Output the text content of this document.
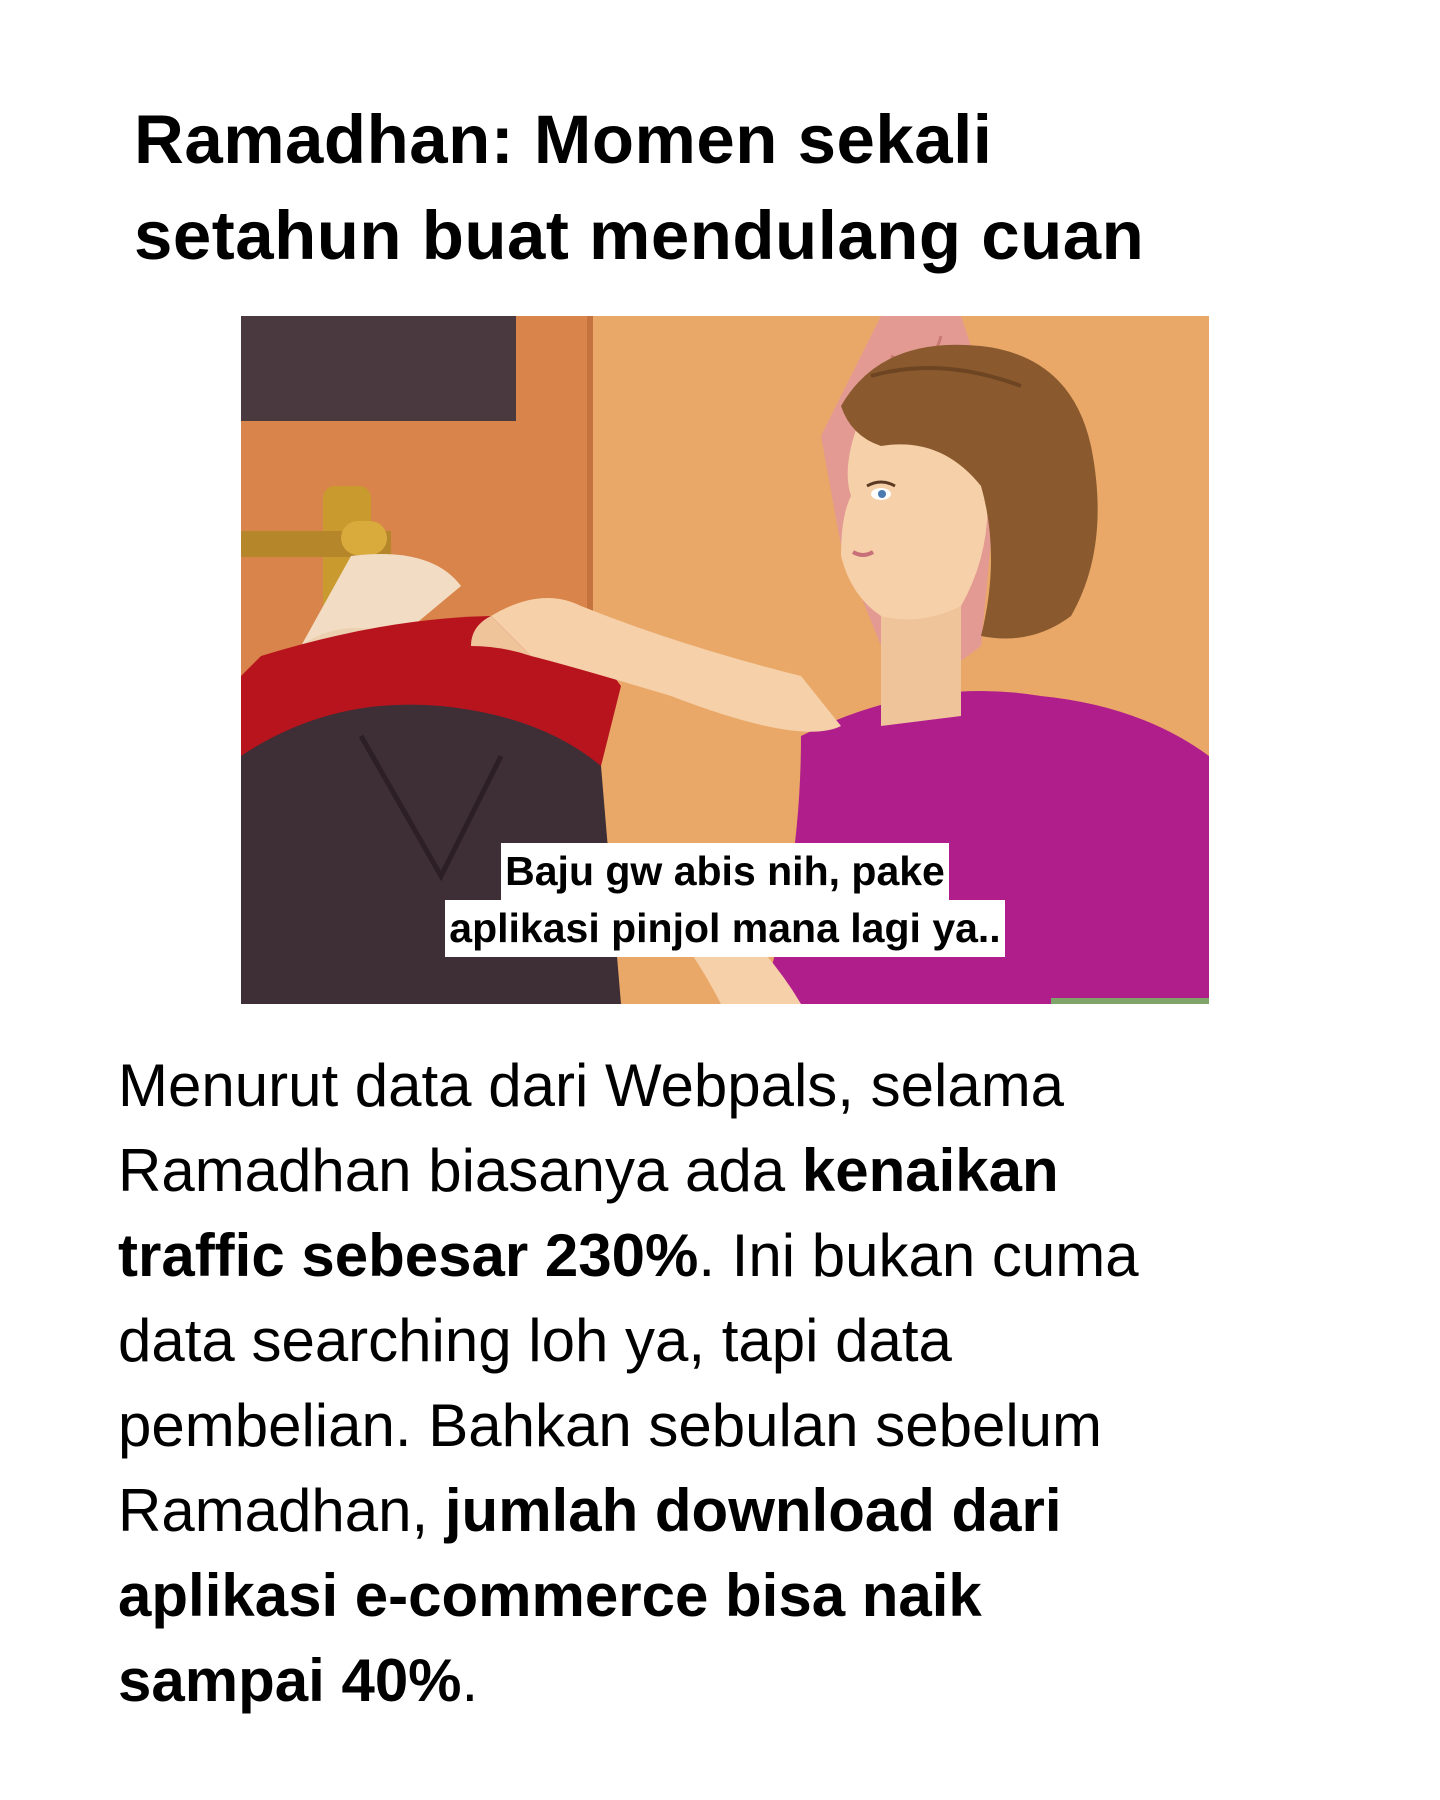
Ramadhan: Momen sekali
setahun buat mendulang cuan
Baju gw abis nih, pake
aplikasi pinjol mana lagi ya..

Menurut data dari Webpals, selama
Ramadhan biasanya ada kenaikan
traffic sebesar 230%. Ini bukan cuma
data searching loh ya, tapi data
pembelian. Bahkan sebulan sebelum
Ramadhan, jumlah download dari
aplikasi e-commerce bisa naik
sampai 40%.
